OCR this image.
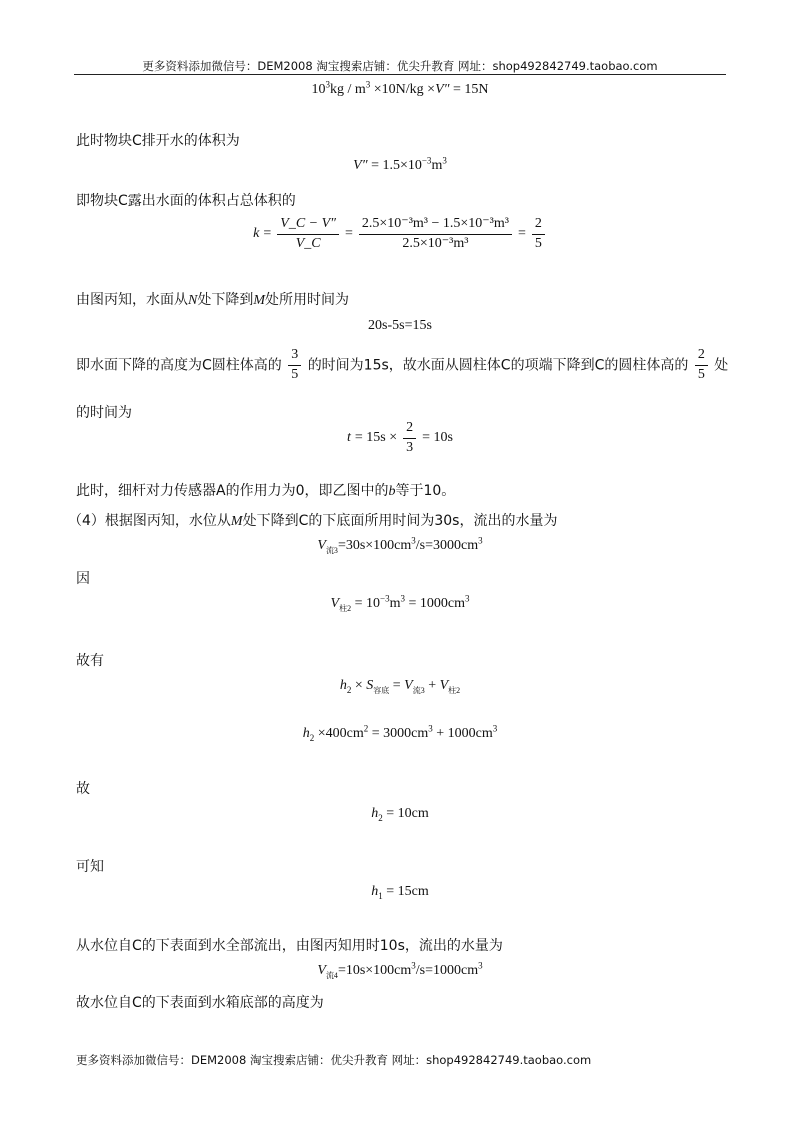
更多资料添加微信号：DEM2008 淘宝搜索店铺：优尖升教育 网址：shop492842749.taobao.com
$10^3kg / m^3 \times 10N/kg \times V'' = 15N$
此时物块C排开水的体积为
$V'' = 1.5\times 10^{-3}m^3$
即物块C露出水面的体积占总体积的
$k = \frac{V\_C - V''}{V\_C} = \frac{\text{2.5×10⁻³m³ − 1.5×10⁻³m³}}{\text{2.5×10⁻³m³}} = \frac{2}{5}$
由图丙知，水面从N处下降到M处所用时间为
20s-5s=15s
即水面下降的高度为C圆柱体高的 $\frac{3}{5}$ 的时间为15s，故水面从圆柱体C的项端下降到C的圆柱体高的 $\frac{2}{5}$ 处
的时间为
$t = 15s \times \frac{2}{3} = 10s$
此时，细杆对力传感器A的作用力为0，即乙图中的b等于10。
（4）根据图丙知，水位从M处下降到C的下底面所用时间为30s，流出的水量为
$V_{流3}=30s\times 100cm^3/s=3000cm^3$
因
$V_{柱2} = 10^{-3}m^3 = 1000cm^3$
故有
$h_2 \times S_{容底} = V_{流3} + V_{柱2}$
$h_2 \times 400cm^2 = 3000cm^3 + 1000cm^3$
故
$h_2 = 10cm$
可知
$h_1 = 15cm$
从水位自C的下表面到水全部流出，由图丙知用时10s，流出的水量为
$V_{流4}=10s\times 100cm^3/s=1000cm^3$
故水位自C的下表面到水箱底部的高度为
更多资料添加微信号：DEM2008 淘宝搜索店铺：优尖升教育 网址：shop492842749.taobao.com
